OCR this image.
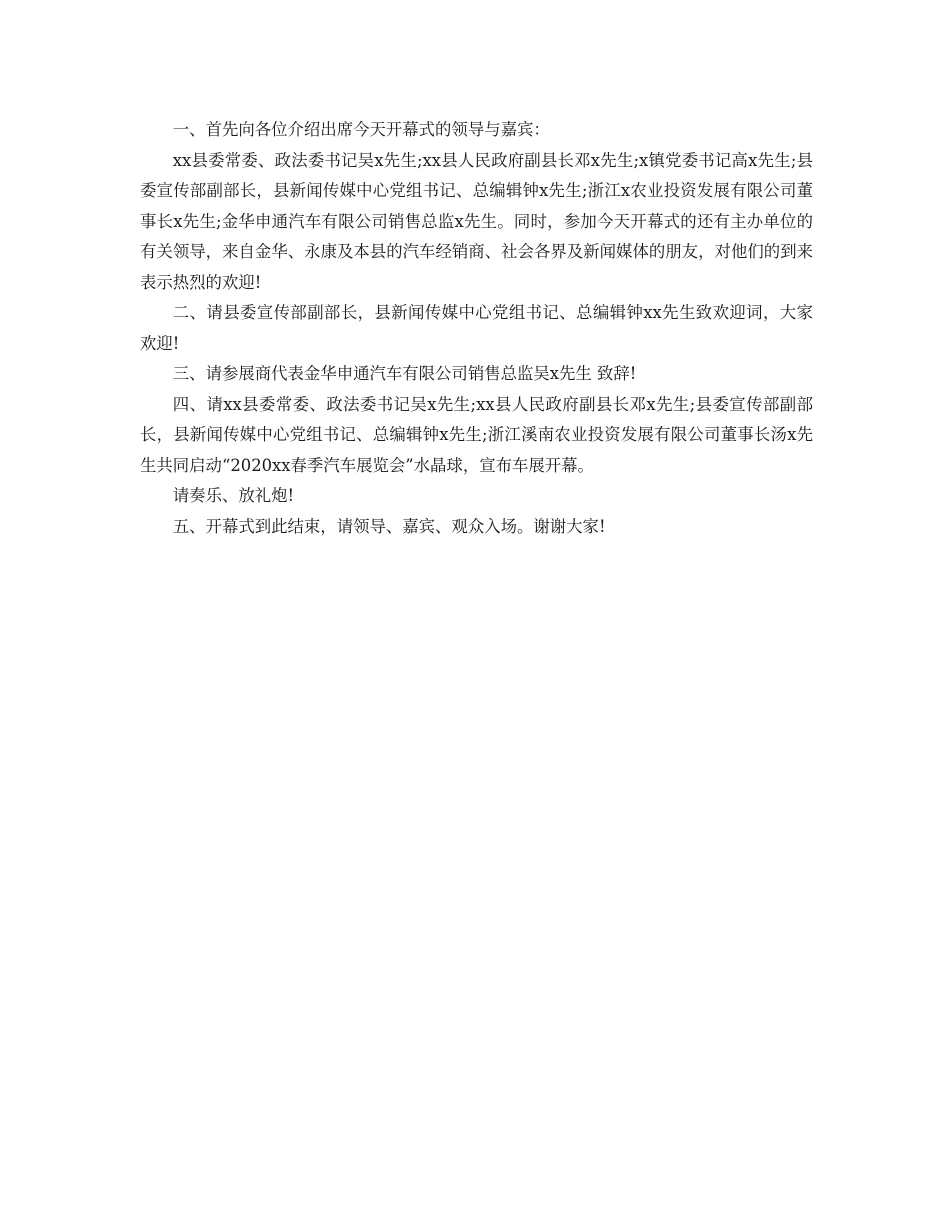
一、首先向各位介绍出席今天开幕式的领导与嘉宾：

xx县委常委、政法委书记吴x先生;xx县人民政府副县长邓x先生;x镇党委书记高x先生;县委宣传部副部长，县新闻传媒中心党组书记、总编辑钟x先生;浙江x农业投资发展有限公司董事长x先生;金华申通汽车有限公司销售总监x先生。同时，参加今天开幕式的还有主办单位的有关领导，来自金华、永康及本县的汽车经销商、社会各界及新闻媒体的朋友，对他们的到来表示热烈的欢迎!

二、请县委宣传部副部长，县新闻传媒中心党组书记、总编辑钟xx先生致欢迎词，大家欢迎!

三、请参展商代表金华申通汽车有限公司销售总监吴x先生 致辞!

四、请xx县委常委、政法委书记吴x先生;xx县人民政府副县长邓x先生;县委宣传部副部长，县新闻传媒中心党组书记、总编辑钟x先生;浙江溪南农业投资发展有限公司董事长汤x先生共同启动“2020xx春季汽车展览会”水晶球，宣布车展开幕。

请奏乐、放礼炮!

五、开幕式到此结束，请领导、嘉宾、观众入场。谢谢大家!
